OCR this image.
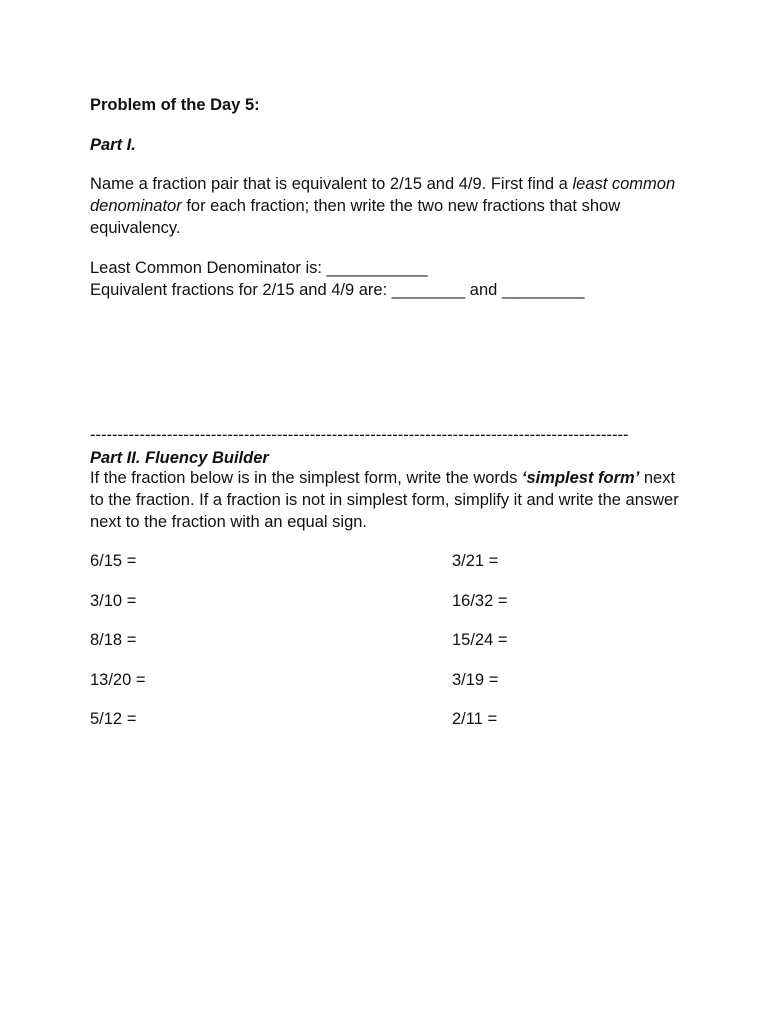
Problem of the Day 5:

Part I.

Name a fraction pair that is equivalent to 2/15 and 4/9. First find a least common denominator for each fraction; then write the two new fractions that show equivalency.

Least Common Denominator is: ___________

Equivalent fractions for 2/15 and 4/9 are: ________ and _________

--------------------------------------------------------------------------------------------------

Part II. Fluency Builder

If the fraction below is in the simplest form, write the words ‘simplest form’ next to the fraction. If a fraction is not in simplest form, simplify it and write the answer next to the fraction with an equal sign.

6/15 =	3/21 =
3/10 =	16/32 =
8/18 =	15/24 =
13/20 =	3/19 =
5/12 =	2/11 =
